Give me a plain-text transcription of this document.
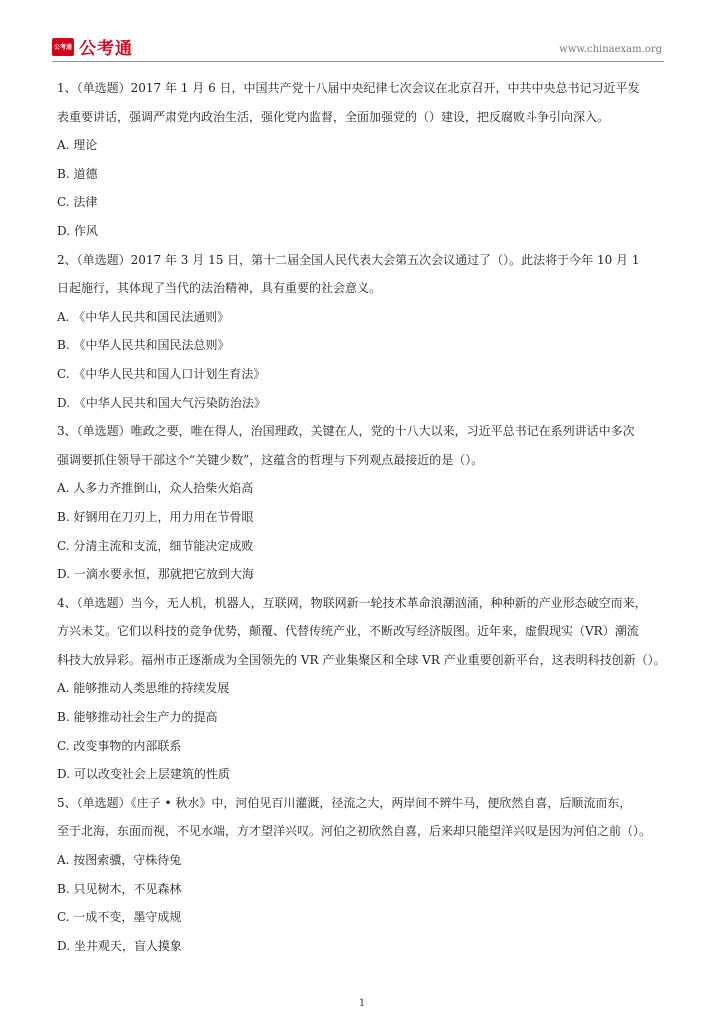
公考通 公考通	www.chinaexam.org
1、（单选题）2017 年 1 月 6 日，中国共产党十八届中央纪律七次会议在北京召开，中共中央总书记习近平发
表重要讲话，强调严肃党内政治生活，强化党内监督，全面加强党的（）建设，把反腐败斗争引向深入。
A. 理论
B. 道德
C. 法律
D. 作风
2、（单选题）2017 年 3 月 15 日，第十二届全国人民代表大会第五次会议通过了（）。此法将于今年 10 月 1
日起施行，其体现了当代的法治精神，具有重要的社会意义。
A. 《中华人民共和国民法通则》
B. 《中华人民共和国民法总则》
C. 《中华人民共和国人口计划生育法》
D. 《中华人民共和国大气污染防治法》
3、（单选题）唯政之要，唯在得人，治国理政，关键在人，党的十八大以来，习近平总书记在系列讲话中多次
强调要抓住领导干部这个“关键少数”，这蕴含的哲理与下列观点最接近的是（）。
A. 人多力齐推倒山，众人拾柴火焰高
B. 好钢用在刀刃上，用力用在节骨眼
C. 分清主流和支流，细节能决定成败
D. 一滴水要永恒，那就把它放到大海
4、（单选题）当今，无人机，机器人，互联网，物联网新一轮技术革命浪潮汹涌，种种新的产业形态破空而来，
方兴未艾。它们以科技的竞争优势，颠覆、代替传统产业，不断改写经济版图。近年来，虚假现实（VR）潮流
科技大放异彩。福州市正逐渐成为全国领先的 VR 产业集聚区和全球 VR 产业重要创新平台，这表明科技创新（）。
A. 能够推动人类思维的持续发展
B. 能够推动社会生产力的提高
C. 改变事物的内部联系
D. 可以改变社会上层建筑的性质
5、（单选题）《庄子 • 秋水》中，河伯见百川灌溉，径流之大，两岸间不辨牛马，便欣然自喜，后顺流而东，
至于北海，东面而视，不见水端，方才望洋兴叹。河伯之初欣然自喜，后来却只能望洋兴叹是因为河伯之前（）。
A. 按图索骥，守株待兔
B. 只见树木，不见森林
C. 一成不变，墨守成规
D. 坐井观天，盲人摸象
1
